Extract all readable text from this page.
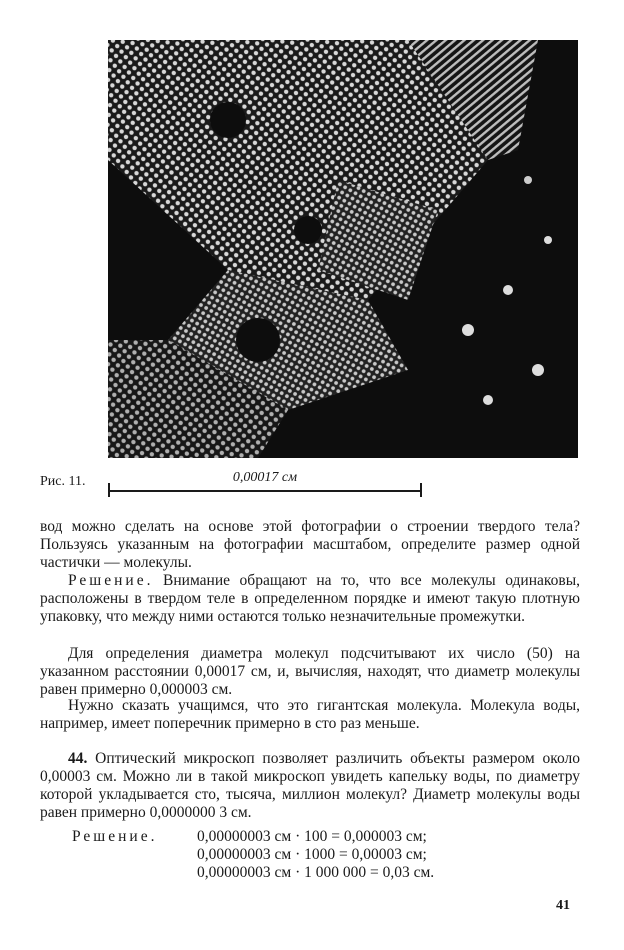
Рис. 11.	0,00017 см

вод можно сделать на основе этой фотографии о строении твердого тела? Пользуясь указанным на фотографии масштабом, определите размер одной частички — молекулы.

Решение. Внимание обращают на то, что все молекулы одинаковы, расположены в твердом теле в определенном порядке и имеют такую плотную упаковку, что между ними остаются только незначительные промежутки.

Для определения диаметра молекул подсчитывают их число (50) на указанном расстоянии 0,00017 см, и, вычисляя, находят, что диаметр молекулы равен примерно 0,000003 см.

Нужно сказать учащимся, что это гигантская молекула. Молекула воды, например, имеет поперечник примерно в сто раз меньше.

44. Оптический микроскоп позволяет различить объекты размером около 0,00003 см. Можно ли в такой микроскоп увидеть капельку воды, по диаметру которой укладывается сто, тысяча, миллион молекул? Диаметр молекулы воды равен примерно 0,0000000 3 см.

Решение.	0,00000003 см · 100 = 0,000003 см;
0,00000003 см · 1000 = 0,00003 см;
0,00000003 см · 1 000 000 = 0,03 см.
41
